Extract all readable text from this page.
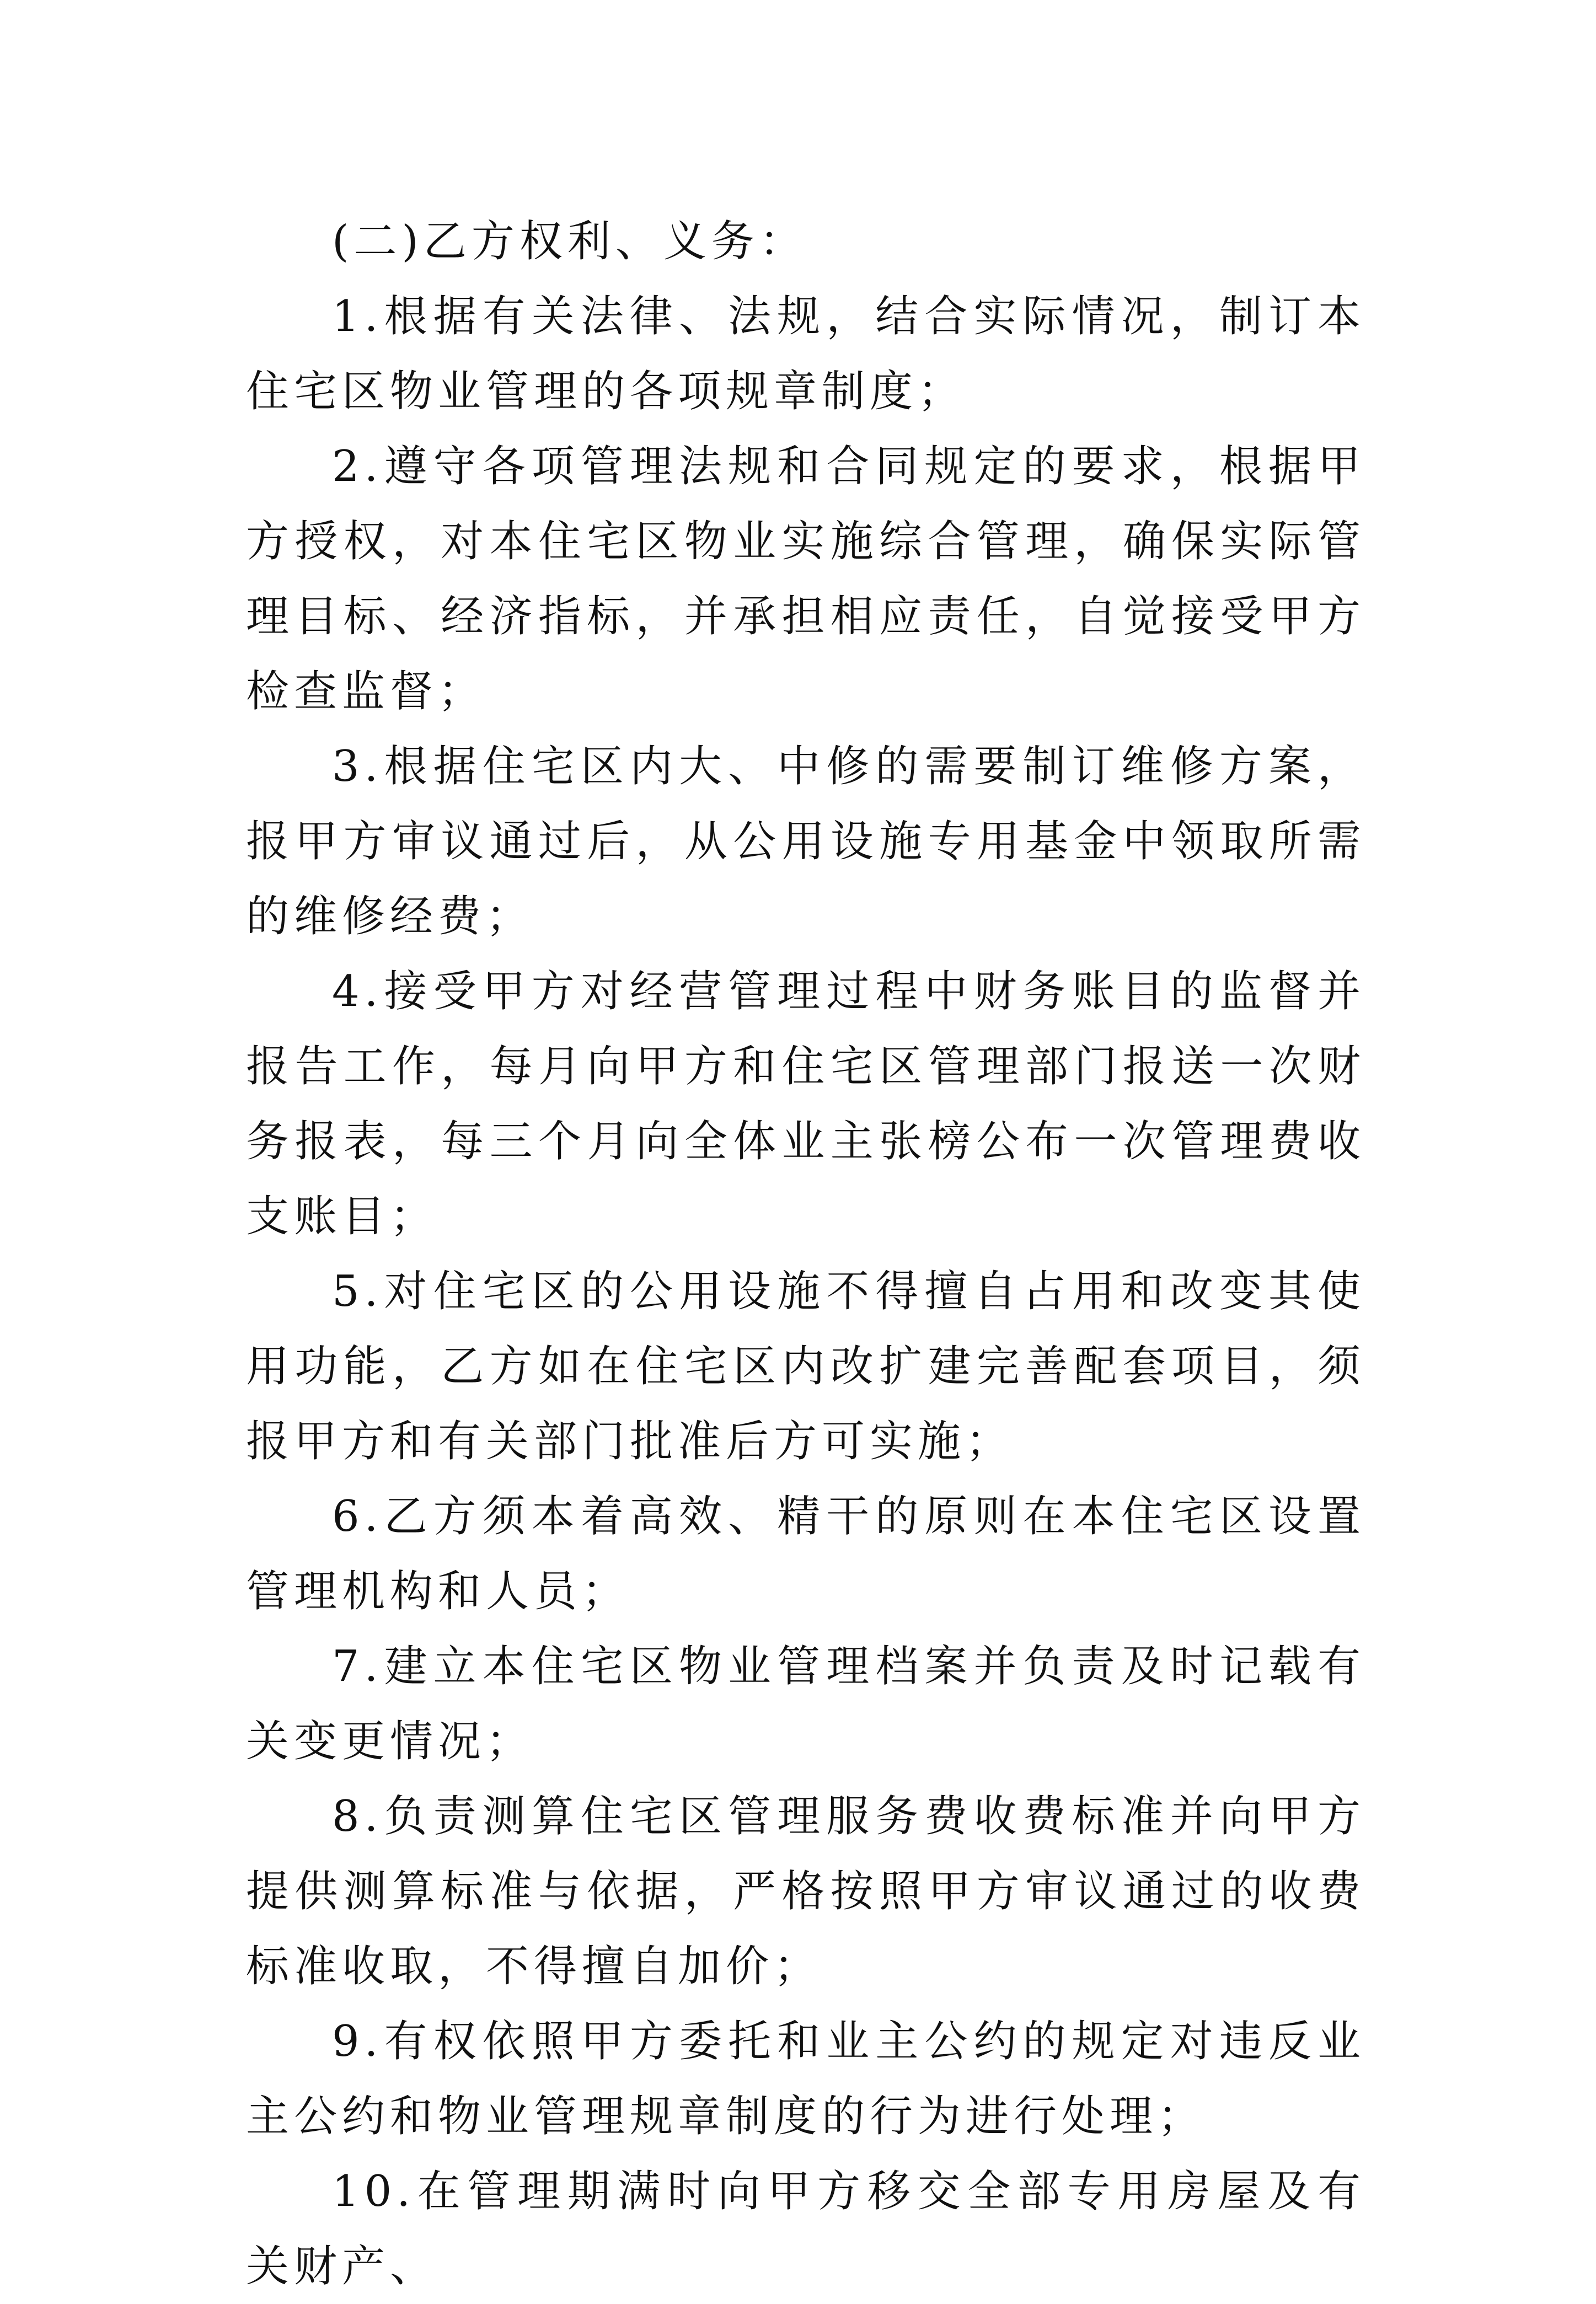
(二)乙方权利、义务：

1.根据有关法律、法规，结合实际情况，制订本住宅区物业管理的各项规章制度；

2.遵守各项管理法规和合同规定的要求，根据甲方授权，对本住宅区物业实施综合管理，确保实际管理目标、经济指标，并承担相应责任，自觉接受甲方检查监督；

3.根据住宅区内大、中修的需要制订维修方案，报甲方审议通过后，从公用设施专用基金中领取所需的维修经费；

4.接受甲方对经营管理过程中财务账目的监督并报告工作，每月向甲方和住宅区管理部门报送一次财务报表，每三个月向全体业主张榜公布一次管理费收支账目；

5.对住宅区的公用设施不得擅自占用和改变其使用功能，乙方如在住宅区内改扩建完善配套项目，须报甲方和有关部门批准后方可实施；

6.乙方须本着高效、精干的原则在本住宅区设置管理机构和人员；

7.建立本住宅区物业管理档案并负责及时记载有关变更情况；

8.负责测算住宅区管理服务费收费标准并向甲方提供测算标准与依据，严格按照甲方审议通过的收费标准收取，不得擅自加价；

9.有权依照甲方委托和业主公约的规定对违反业主公约和物业管理规章制度的行为进行处理；

10.在管理期满时向甲方移交全部专用房屋及有关财产、
